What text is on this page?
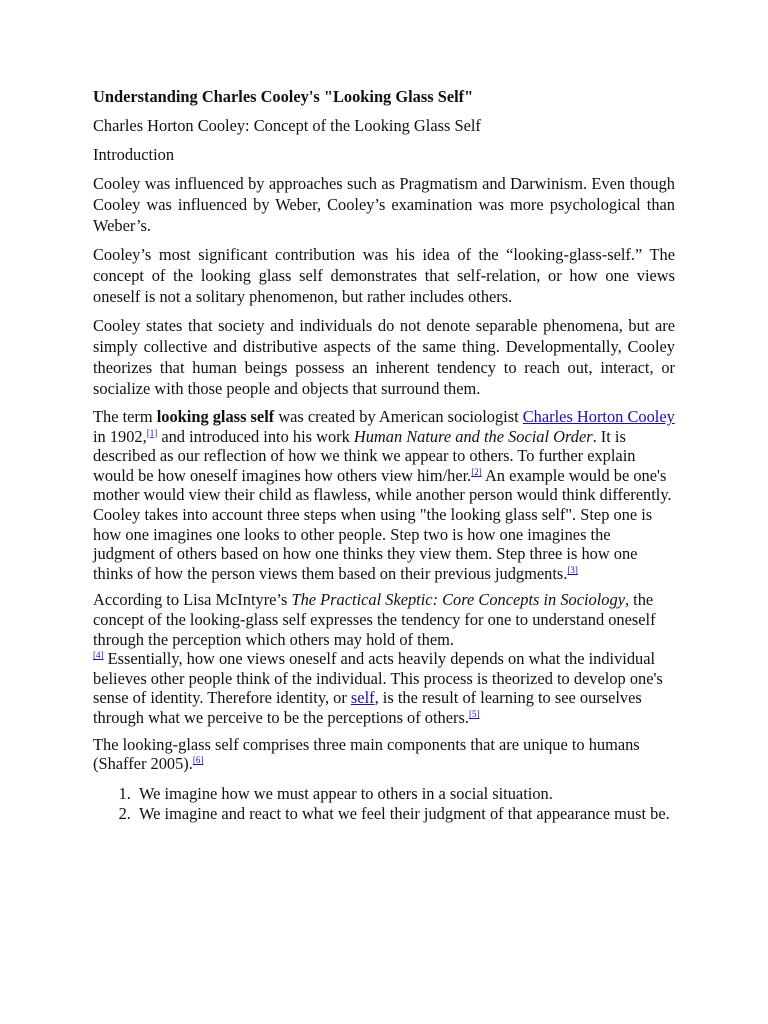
Understanding Charles Cooley's "Looking Glass Self"

Charles Horton Cooley: Concept of the Looking Glass Self

Introduction

Cooley was influenced by approaches such as Pragmatism and Darwinism. Even though Cooley was influenced by Weber, Cooley’s examination was more psychological than Weber’s.

Cooley’s most significant contribution was his idea of the “looking-glass-self.” The concept of the looking glass self demonstrates that self-relation, or how one views oneself is not a solitary phenomenon, but rather includes others.

Cooley states that society and individuals do not denote separable phenomena, but are simply collective and distributive aspects of the same thing. Developmentally, Cooley theorizes that human beings possess an inherent tendency to reach out, interact, or socialize with those people and objects that surround them.

The term looking glass self was created by American sociologist Charles Horton Cooley in 1902,[1] and introduced into his work Human Nature and the Social Order. It is described as our reflection of how we think we appear to others. To further explain would be how oneself imagines how others view him/her.[2] An example would be one's mother would view their child as flawless, while another person would think differently. Cooley takes into account three steps when using "the looking glass self". Step one is how one imagines one looks to other people. Step two is how one imagines the judgment of others based on how one thinks they view them. Step three is how one thinks of how the person views them based on their previous judgments.[3]

According to Lisa McIntyre’s The Practical Skeptic: Core Concepts in Sociology, the concept of the looking-glass self expresses the tendency for one to understand oneself through the perception which others may hold of them.
[4] Essentially, how one views oneself and acts heavily depends on what the individual believes other people think of the individual. This process is theorized to develop one's sense of identity. Therefore identity, or self, is the result of learning to see ourselves through what we perceive to be the perceptions of others.[5]

The looking-glass self comprises three main components that are unique to humans (Shaffer 2005).[6]

1. We imagine how we must appear to others in a social situation.
2. We imagine and react to what we feel their judgment of that appearance must be.
